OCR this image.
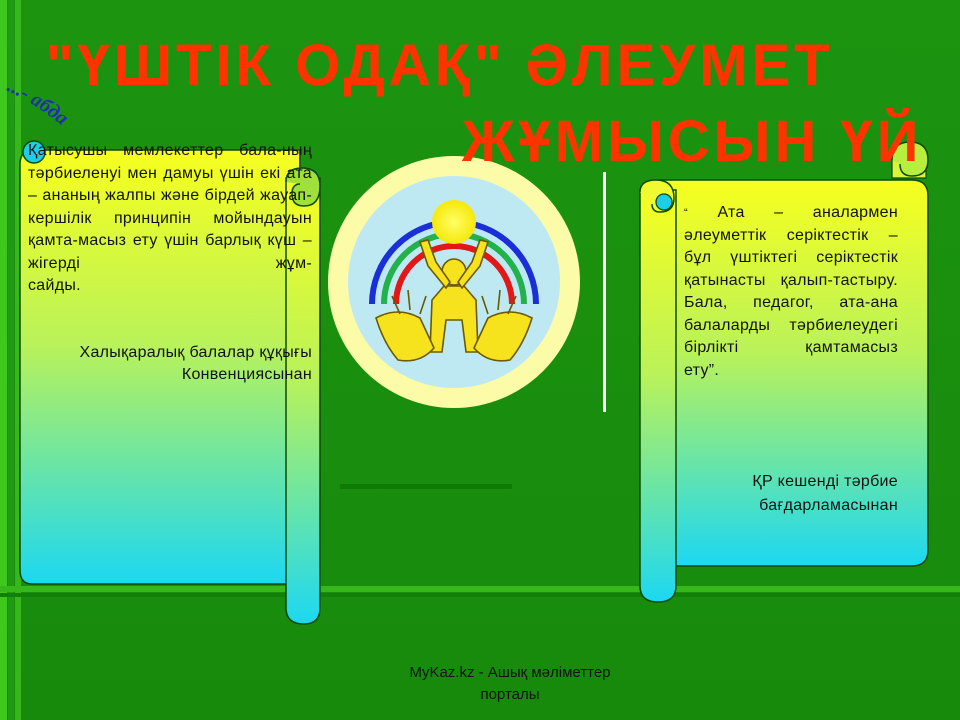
...- абда
"ҮШТІК ОДАҚ" ӘЛЕУМЕТ
ЖҰМЫСЫН ҮЙ
Қатысушы мемлекеттер бала-ның тәрбиеленуі мен дамуы үшін екі ата – ананың жалпы және бірдей жауап-кершілік принципін мойындауын қамта-масыз ету үшін барлық күш – жігерді жұм-
сайды.
Халықаралық балалар құқығы Конвенциясынан
“ Ата – аналармен әлеуметтік серіктестік – бұл үштіктегі серіктестік қатынасты қалып-тастыру. Бала, педагог, ата-ана балаларды тәрбиелеудегі бірлікті қамтамасыз
ету”.
ҚР кешенді тәрбие бағдарламасынан
MyKaz.kz - Ашық мәліметтер порталы
